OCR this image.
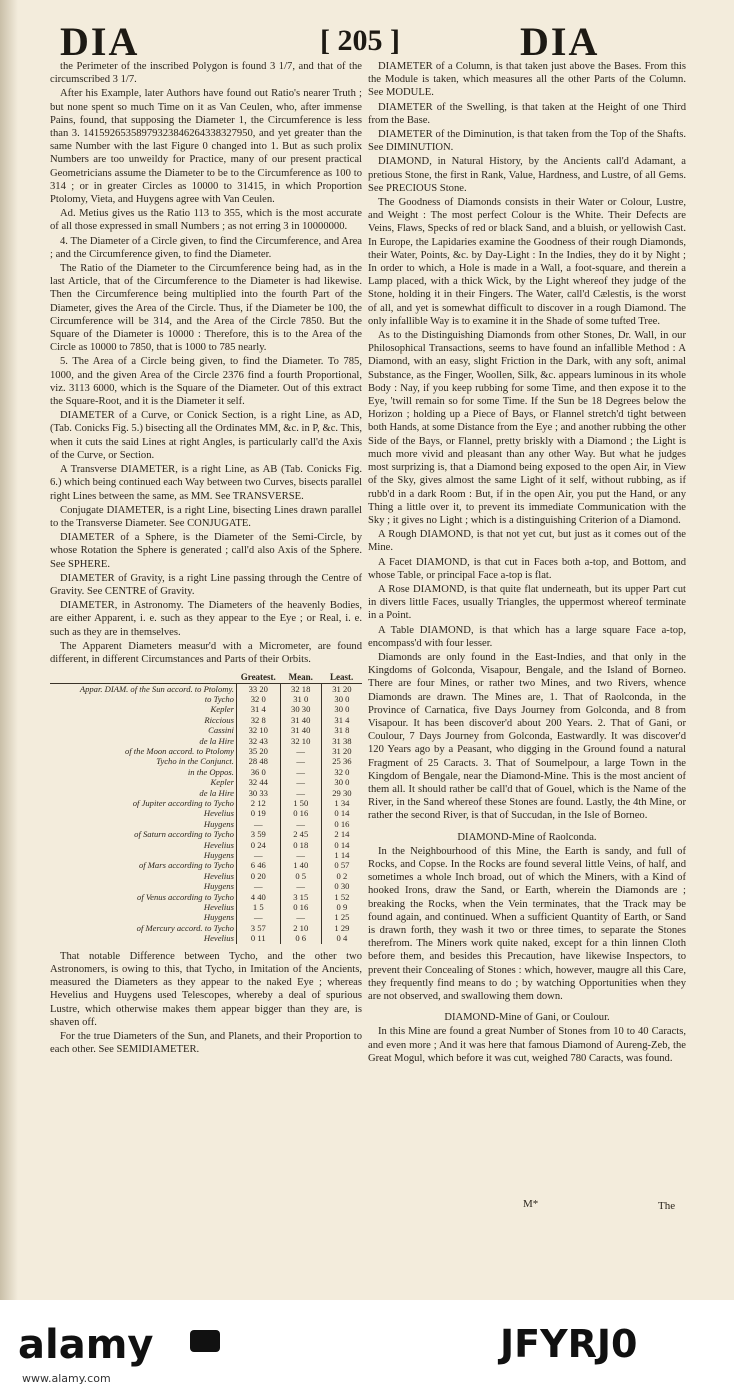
DIA	[ 205 ]	DIA

the Perimeter of the inscribed Polygon is found 3 1/7, and that of the circumscribed 3 1/7.

After his Example, later Authors have found out Ratio's nearer Truth ; but none spent so much Time on it as Van Ceulen, who, after immense Pains, found, that supposing the Diameter 1, the Circumference is less than 3. 14159265358979323846264338327950, and yet greater than the same Number with the last Figure 0 changed into 1. But as such prolix Numbers are too unweildy for Practice, many of our present practical Geometricians assume the Diameter to be to the Circumference as 100 to 314 ; or in greater Circles as 10000 to 31415, in which Proportion Ptolomy, Vieta, and Huygens agree with Van Ceulen.

Ad. Metius gives us the Ratio 113 to 355, which is the most accurate of all those expressed in small Numbers ; as not erring 3 in 10000000.

4. The Diameter of a Circle given, to find the Circumference, and Area ; and the Circumference given, to find the Diameter.

The Ratio of the Diameter to the Circumference being had, as in the last Article, that of the Circumference to the Diameter is had likewise. Then the Circumference being multiplied into the fourth Part of the Diameter, gives the Area of the Circle. Thus, if the Diameter be 100, the Circumference will be 314, and the Area of the Circle 7850. But the Square of the Diameter is 10000 : Therefore, this is to the Area of the Circle as 10000 to 7850, that is 1000 to 785 nearly.

5. The Area of a Circle being given, to find the Diameter. To 785, 1000, and the given Area of the Circle 2376 find a fourth Proportional, viz. 3113 6000, which is the Square of the Diameter. Out of this extract the Square-Root, and it is the Diameter it self.

DIAMETER of a Curve, or Conick Section, is a right Line, as AD, (Tab. Conicks Fig. 5.) bisecting all the Ordinates MM, &c. in P, &c. This, when it cuts the said Lines at right Angles, is particularly call'd the Axis of the Curve, or Section.

A Transverse DIAMETER, is a right Line, as AB (Tab. Conicks Fig. 6.) which being continued each Way between two Curves, bisects parallel right Lines between the same, as MM. See TRANSVERSE.

Conjugate DIAMETER, is a right Line, bisecting Lines drawn parallel to the Transverse Diameter. See CONJUGATE.

DIAMETER of a Sphere, is the Diameter of the Semi-Circle, by whose Rotation the Sphere is generated ; call'd also Axis of the Sphere. See SPHERE.

DIAMETER of Gravity, is a right Line passing through the Centre of Gravity. See CENTRE of Gravity.

DIAMETER, in Astronomy. The Diameters of the heavenly Bodies, are either Apparent, i. e. such as they appear to the Eye ; or Real, i. e. such as they are in themselves.

The Apparent Diameters measur'd with a Micrometer, are found different, in different Circumstances and Parts of their Orbits.

	Greatest.	Mean.	Least.
Appar. DIAM. of the Sun accord. to Ptolomy.	33 20	32 18	31 20
to Tycho	32 0	31 0	30 0
Kepler	31 4	30 30	30 0
Riccious	32 8	31 40	31 4
Cassini	32 10	31 40	31 8
de la Hire	32 43	32 10	31 38
of the Moon accord. to Ptolomy	35 20	—	31 20
Tycho in the Conjunct.	28 48	—	25 36
in the Oppos.	36 0	—	32 0
Kepler	32 44	—	30 0
de la Hire	30 33	—	29 30
of Jupiter according to Tycho	2 12	1 50	1 34
Hevelius	0 19	0 16	0 14
Huygens	—	—	0 16
of Saturn according to Tycho	3 59	2 45	2 14
Hevelius	0 24	0 18	0 14
Huygens	—	—	1 14
of Mars according to Tycho	6 46	1 40	0 57
Hevelius	0 20	0 5	0 2
Huygens	—	—	0 30
of Venus according to Tycho	4 40	3 15	1 52
Hevelius	1 5	0 16	0 9
Huygens	—	—	1 25
of Mercury accord. to Tycho	3 57	2 10	1 29
Hevelius	0 11	0 6	0 4

That notable Difference between Tycho, and the other two Astronomers, is owing to this, that Tycho, in Imitation of the Ancients, measured the Diameters as they appear to the naked Eye ; whereas Hevelius and Huygens used Telescopes, whereby a deal of spurious Lustre, which otherwise makes them appear bigger than they are, is shaven off.

For the true Diameters of the Sun, and Planets, and their Proportion to each other. See SEMIDIAMETER.

DIAMETER of a Column, is that taken just above the Bases. From this the Module is taken, which measures all the other Parts of the Column. See MODULE.

DIAMETER of the Swelling, is that taken at the Height of one Third from the Base.

DIAMETER of the Diminution, is that taken from the Top of the Shafts. See DIMINUTION.

DIAMOND, in Natural History, by the Ancients call'd Adamant, a pretious Stone, the first in Rank, Value, Hardness, and Lustre, of all Gems. See PRECIOUS Stone.

The Goodness of Diamonds consists in their Water or Colour, Lustre, and Weight : The most perfect Colour is the White. Their Defects are Veins, Flaws, Specks of red or black Sand, and a bluish, or yellowish Cast. In Europe, the Lapidaries examine the Goodness of their rough Diamonds, their Water, Points, &c. by Day-Light : In the Indies, they do it by Night ; In order to which, a Hole is made in a Wall, a foot-square, and therein a Lamp placed, with a thick Wick, by the Light whereof they judge of the Stone, holding it in their Fingers. The Water, call'd Cælestis, is the worst of all, and yet is somewhat difficult to discover in a rough Diamond. The only infallible Way is to examine it in the Shade of some tufted Tree.

As to the Distinguishing Diamonds from other Stones, Dr. Wall, in our Philosophical Transactions, seems to have found an infallible Method : A Diamond, with an easy, slight Friction in the Dark, with any soft, animal Substance, as the Finger, Woollen, Silk, &c. appears luminous in its whole Body : Nay, if you keep rubbing for some Time, and then expose it to the Eye, 'twill remain so for some Time. If the Sun be 18 Degrees below the Horizon ; holding up a Piece of Bays, or Flannel stretch'd tight between both Hands, at some Distance from the Eye ; and another rubbing the other Side of the Bays, or Flannel, pretty briskly with a Diamond ; the Light is much more vivid and pleasant than any other Way. But what he judges most surprizing is, that a Diamond being exposed to the open Air, in View of the Sky, gives almost the same Light of it self, without rubbing, as if rubb'd in a dark Room : But, if in the open Air, you put the Hand, or any Thing a little over it, to prevent its immediate Communication with the Sky ; it gives no Light ; which is a distinguishing Criterion of a Diamond.

A Rough DIAMOND, is that not yet cut, but just as it comes out of the Mine.

A Facet DIAMOND, is that cut in Faces both a-top, and Bottom, and whose Table, or principal Face a-top is flat.

A Rose DIAMOND, is that quite flat underneath, but its upper Part cut in divers little Faces, usually Triangles, the uppermost whereof terminate in a Point.

A Table DIAMOND, is that which has a large square Face a-top, encompass'd with four lesser.

Diamonds are only found in the East-Indies, and that only in the Kingdoms of Golconda, Visapour, Bengale, and the Island of Borneo. There are four Mines, or rather two Mines, and two Rivers, whence Diamonds are drawn. The Mines are, 1. That of Raolconda, in the Province of Carnatica, five Days Journey from Golconda, and 8 from Visapour. It has been discover'd about 200 Years. 2. That of Gani, or Coulour, 7 Days Journey from Golconda, Eastwardly. It was discover'd 120 Years ago by a Peasant, who digging in the Ground found a natural Fragment of 25 Caracts. 3. That of Soumelpour, a large Town in the Kingdom of Bengale, near the Diamond-Mine. This is the most ancient of them all. It should rather be call'd that of Gouel, which is the Name of the River, in the Sand whereof these Stones are found. Lastly, the 4th Mine, or rather the second River, is that of Succudan, in the Isle of Borneo.

DIAMOND-Mine of Raolconda.

In the Neighbourhood of this Mine, the Earth is sandy, and full of Rocks, and Copse. In the Rocks are found several little Veins, of half, and sometimes a whole Inch broad, out of which the Miners, with a Kind of hooked Irons, draw the Sand, or Earth, wherein the Diamonds are ; breaking the Rocks, when the Vein terminates, that the Track may be found again, and continued. When a sufficient Quantity of Earth, or Sand is drawn forth, they wash it two or three times, to separate the Stones therefrom. The Miners work quite naked, except for a thin linnen Cloth before them, and besides this Precaution, have likewise Inspectors, to prevent their Concealing of Stones : which, however, maugre all this Care, they frequently find means to do ; by watching Opportunities when they are not observed, and swallowing them down.

DIAMOND-Mine of Gani, or Coulour.

In this Mine are found a great Number of Stones from 10 to 40 Caracts, and even more ; And it was here that famous Diamond of Aureng-Zeb, the Great Mogul, which before it was cut, weighed 780 Caracts, was found.

M*	The
alamy	JFYRJ0
www.alamy.com
